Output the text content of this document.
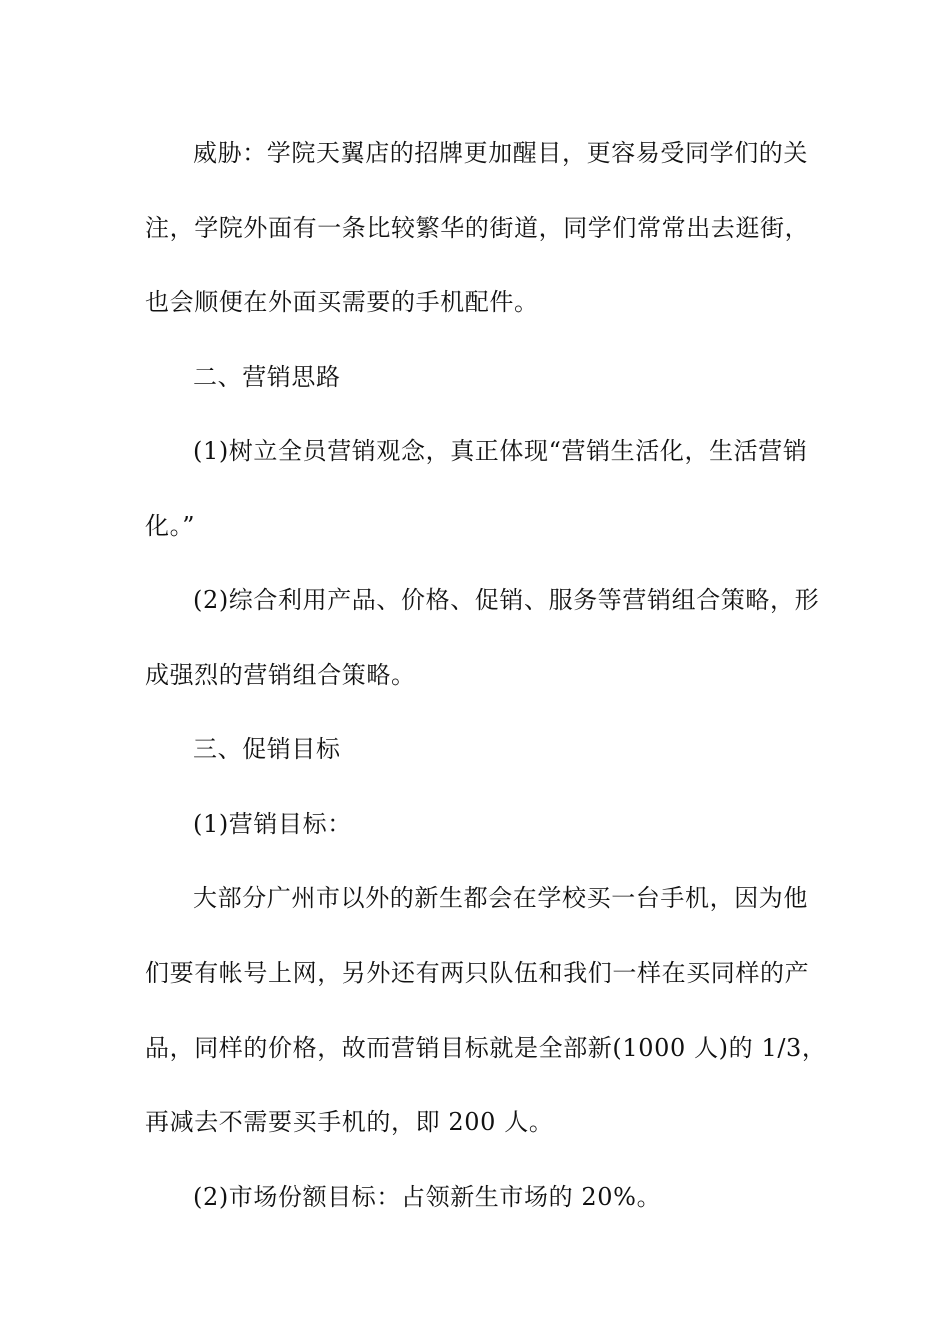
威胁：学院天翼店的招牌更加醒目，更容易受同学们的关
注，学院外面有一条比较繁华的街道，同学们常常出去逛街，
也会顺便在外面买需要的手机配件。
二、营销思路
(1)树立全员营销观念，真正体现“营销生活化，生活营销
化。”
(2)综合利用产品、价格、促销、服务等营销组合策略，形
成强烈的营销组合策略。
三、促销目标
(1)营销目标：
大部分广州市以外的新生都会在学校买一台手机，因为他
们要有帐号上网，另外还有两只队伍和我们一样在买同样的产
品，同样的价格，故而营销目标就是全部新(1000 人)的 1/3，
再减去不需要买手机的，即 200 人。
(2)市场份额目标：占领新生市场的 20%。
